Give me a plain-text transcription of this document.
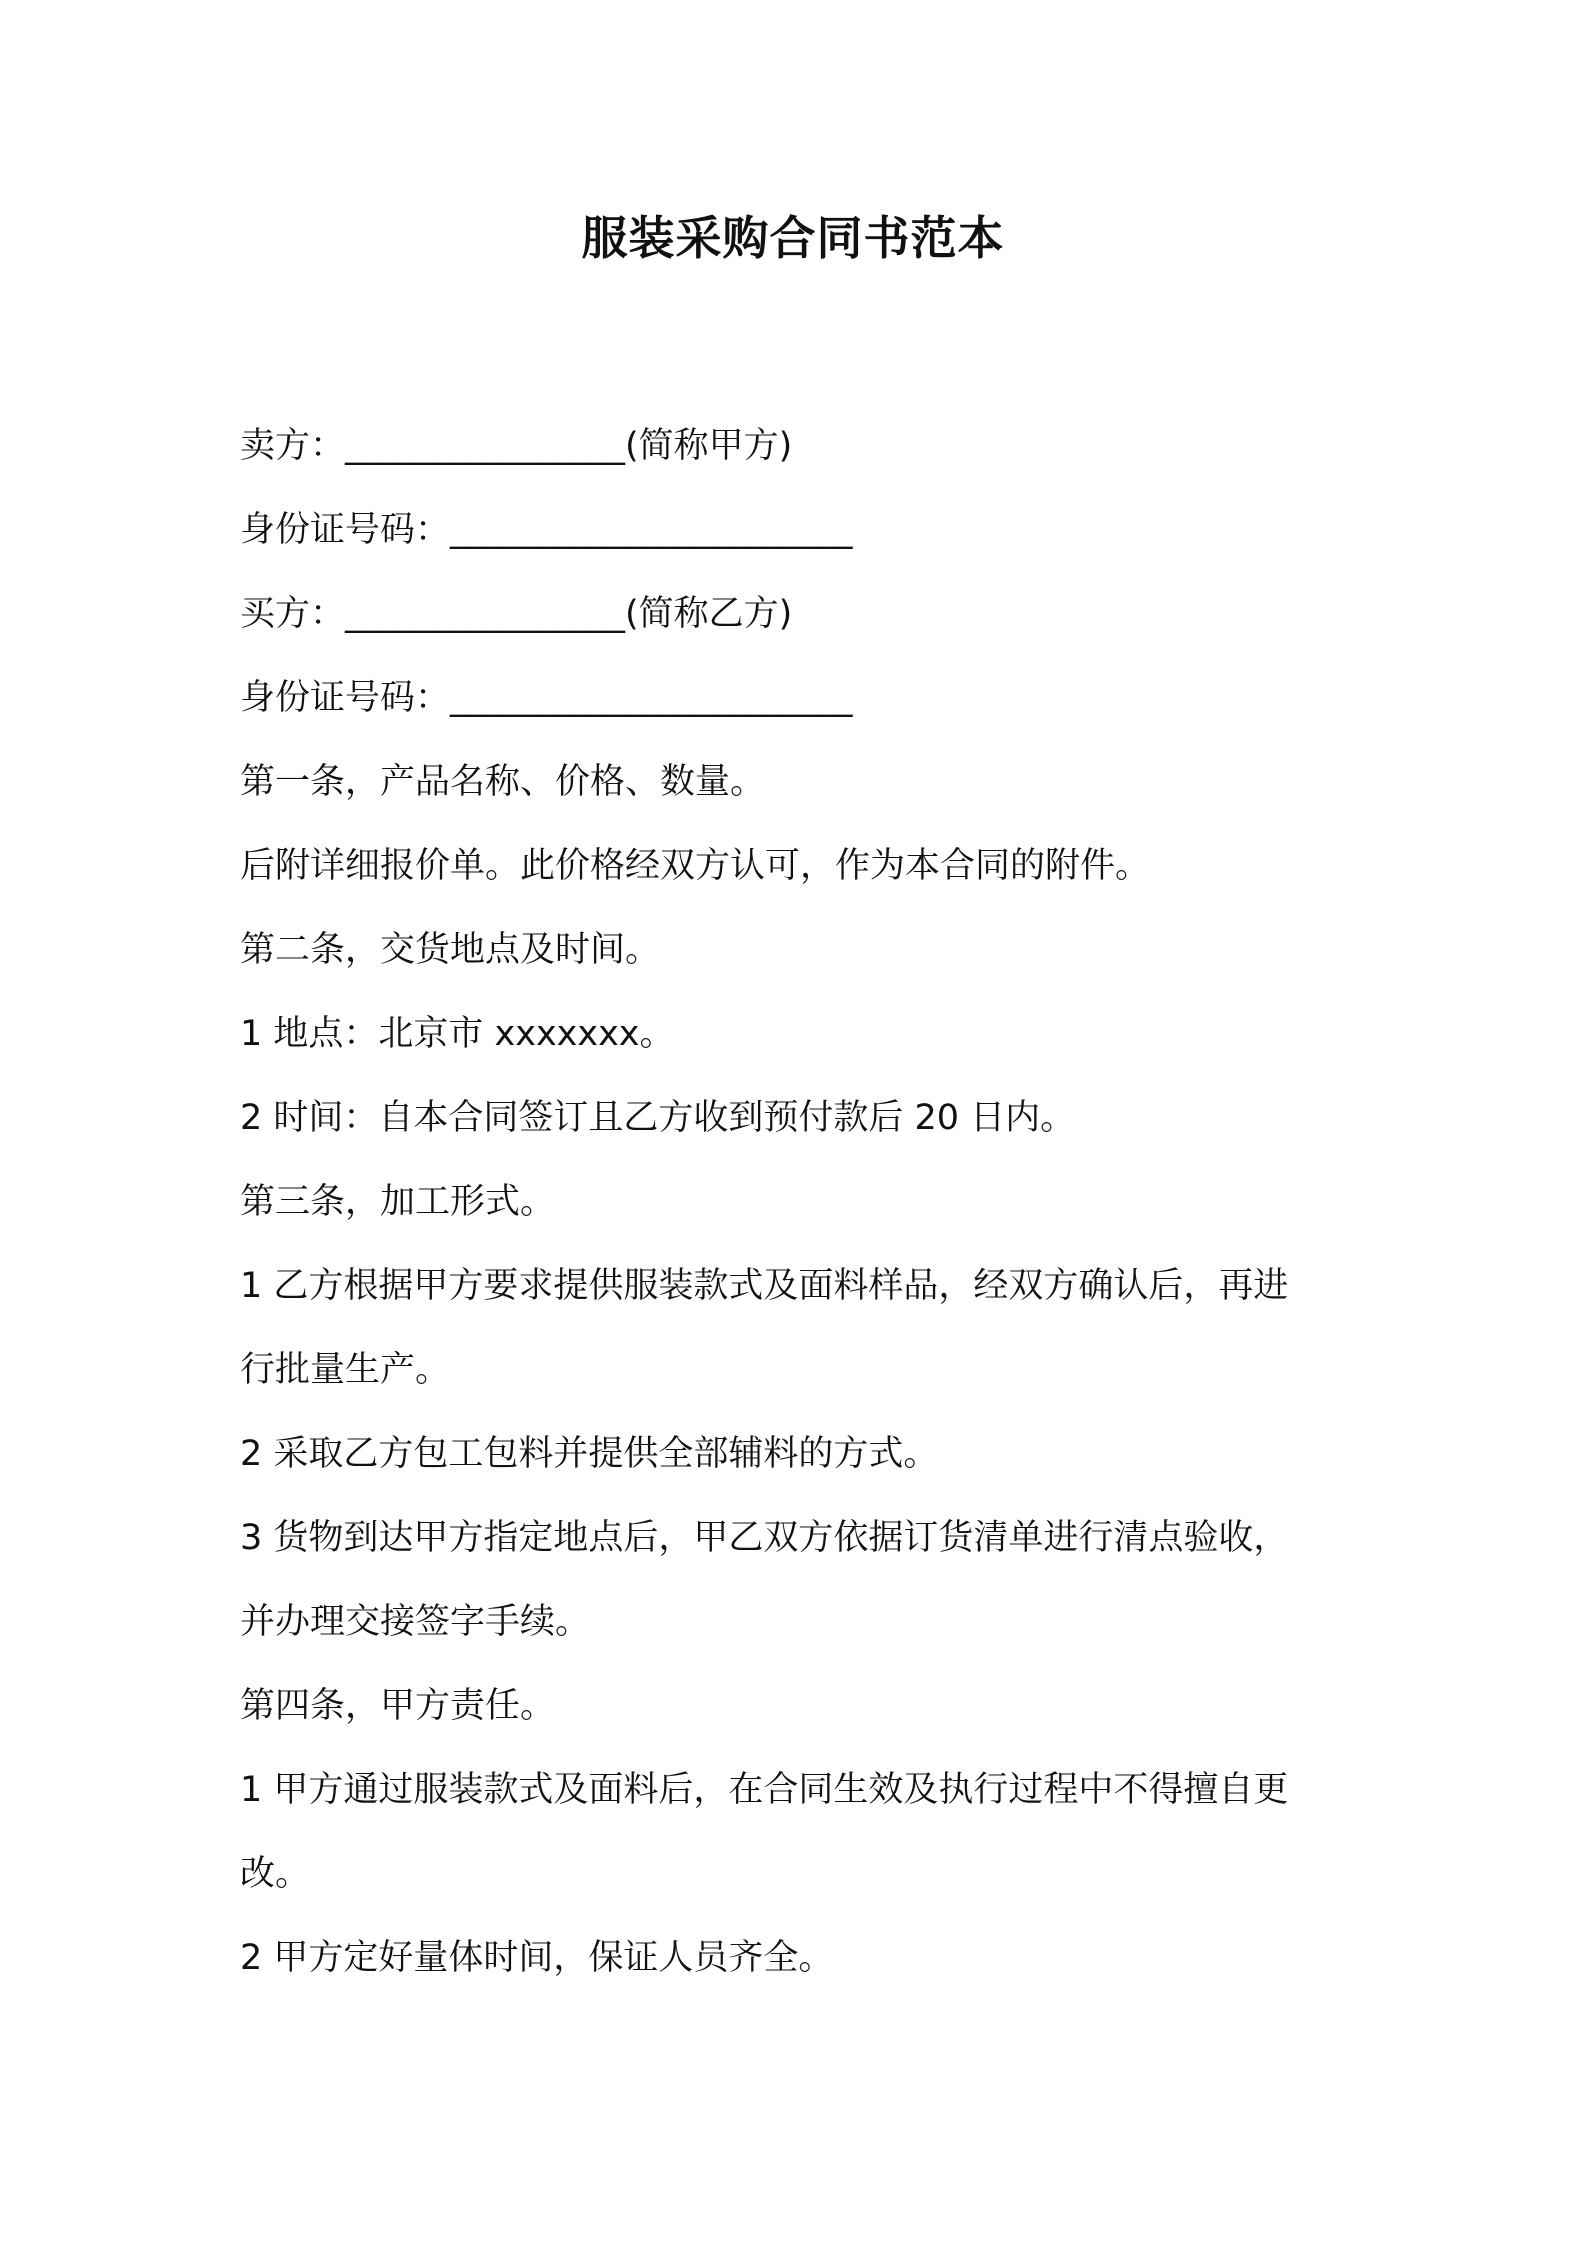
服装采购合同书范本
卖方：________________(简称甲方)
身份证号码：_______________________
买方：________________(简称乙方)
身份证号码：_______________________
第一条，产品名称、价格、数量。
后附详细报价单。此价格经双方认可，作为本合同的附件。
第二条，交货地点及时间。
1 地点：北京市 xxxxxxx。
2 时间：自本合同签订且乙方收到预付款后 20 日内。
第三条，加工形式。
1 乙方根据甲方要求提供服装款式及面料样品，经双方确认后，再进
行批量生产。
2 采取乙方包工包料并提供全部辅料的方式。
3 货物到达甲方指定地点后，甲乙双方依据订货清单进行清点验收，
并办理交接签字手续。
第四条，甲方责任。
1 甲方通过服装款式及面料后，在合同生效及执行过程中不得擅自更
改。
2 甲方定好量体时间，保证人员齐全。
